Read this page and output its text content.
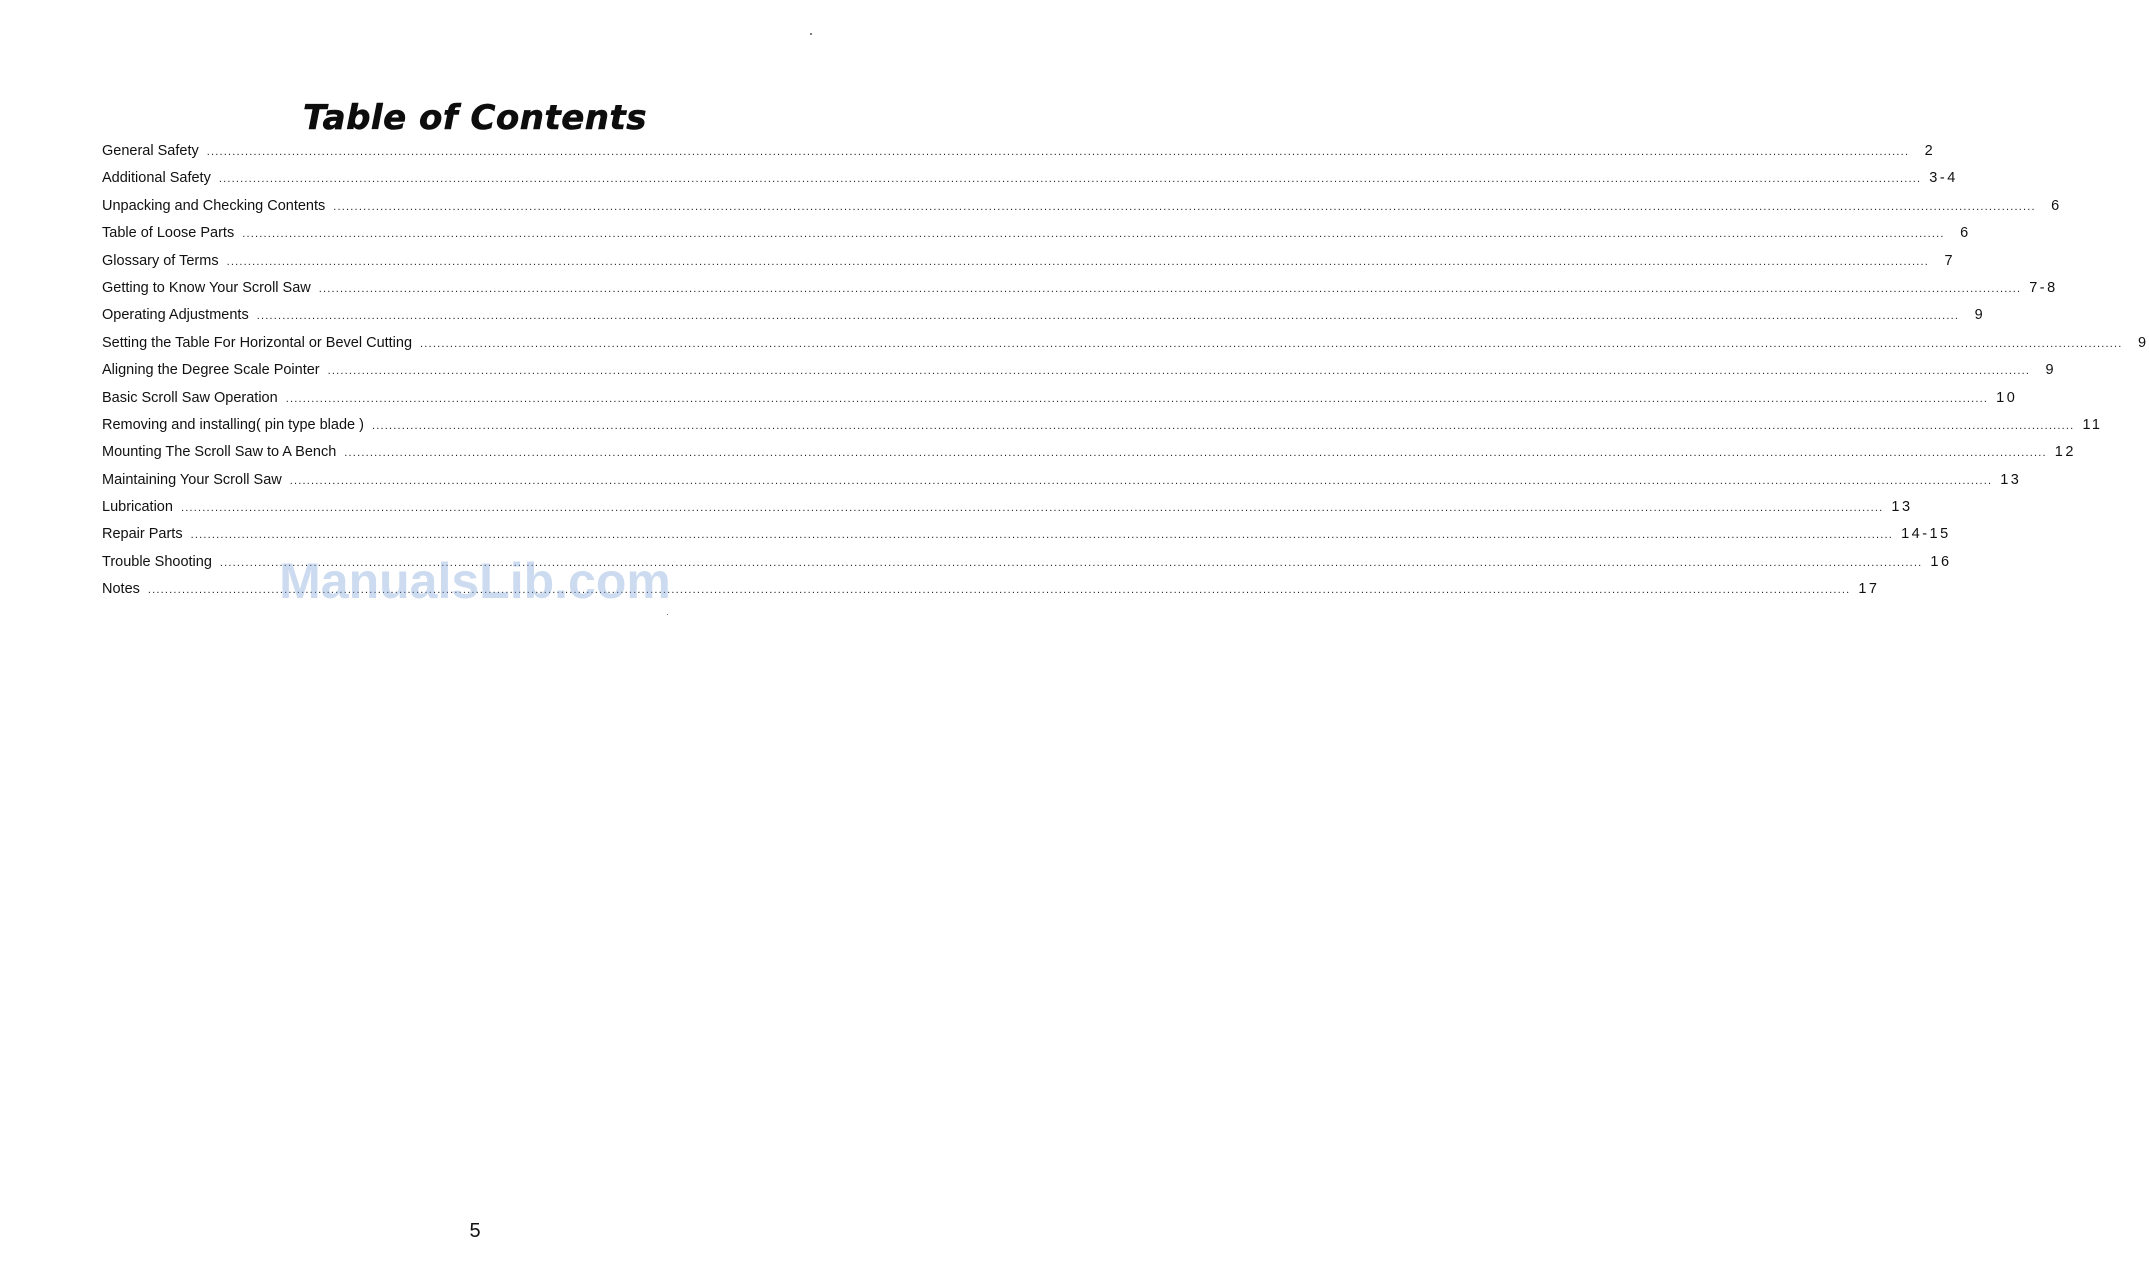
Table of Contents
General Safety ................................................................................................................................................................................................................................................................................................................................................................................................................	2
Additional Safety ................................................................................................................................................................................................................................................................................................................................................................................................................ 3-4
Unpacking and Checking Contents ................................................................................................................................................................................................................................................................................................................................................................................................................	6
Table of Loose Parts ................................................................................................................................................................................................................................................................................................................................................................................................................	6
Glossary of Terms ................................................................................................................................................................................................................................................................................................................................................................................................................	7
Getting to Know Your Scroll Saw ................................................................................................................................................................................................................................................................................................................................................................................................................ 7-8
Operating Adjustments ................................................................................................................................................................................................................................................................................................................................................................................................................	9
Setting the Table For Horizontal or Bevel Cutting ................................................................................................................................................................................................................................................................................................................................................................................................................	9
Aligning the Degree Scale Pointer ................................................................................................................................................................................................................................................................................................................................................................................................................	9
Basic Scroll Saw Operation ................................................................................................................................................................................................................................................................................................................................................................................................................ 10
Removing and installing( pin type blade ) ................................................................................................................................................................................................................................................................................................................................................................................................................ 11
Mounting The Scroll Saw to A Bench ................................................................................................................................................................................................................................................................................................................................................................................................................ 12
Maintaining Your Scroll Saw ................................................................................................................................................................................................................................................................................................................................................................................................................ 13
Lubrication ................................................................................................................................................................................................................................................................................................................................................................................................................ 13
Repair Parts ................................................................................................................................................................................................................................................................................................................................................................................................................ 14-15
Trouble Shooting ................................................................................................................................................................................................................................................................................................................................................................................................................ 16
Notes ................................................................................................................................................................................................................................................................................................................................................................................................................ 17
ManualsLib.com
5
